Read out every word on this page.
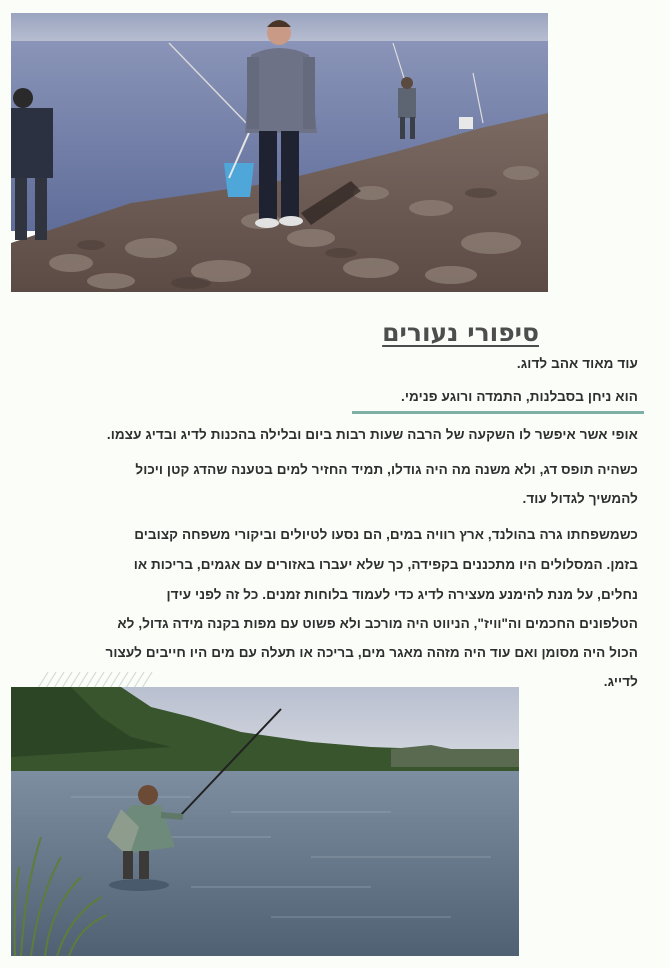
סיפורי נעורים
עוד מאוד אהב לדוג.
הוא ניחן בסבלנות, התמדה ורוגע פנימי.
אופי אשר איפשר לו השקעה של הרבה שעות רבות ביום ובלילה בהכנות לדיג ובדיג עצמו.
כשהיה תופס דג, ולא משנה מה היה גודלו, תמיד החזיר למים בטענה שהדג קטן ויכול
להמשיך לגדול עוד.
כשמשפחתו גרה בהולנד, ארץ רוויה במים, הם נסעו לטיולים וביקורי משפחה קצובים
בזמן. המסלולים היו מתכננים בקפידה, כך שלא יעברו באזורים עם אגמים, בריכות או
נחלים, על מנת להימנע מעצירה לדיג כדי לעמוד בלוחות זמנים. כל זה לפני עידן
הטלפונים החכמים וה"וויז", הניווט היה מורכב ולא פשוט עם מפות בקנה מידה גדול, לא
הכול היה מסומן ואם עוד היה מזהה מאגר מים, בריכה או תעלה עם מים היו חייבים לעצור
לדייג.
